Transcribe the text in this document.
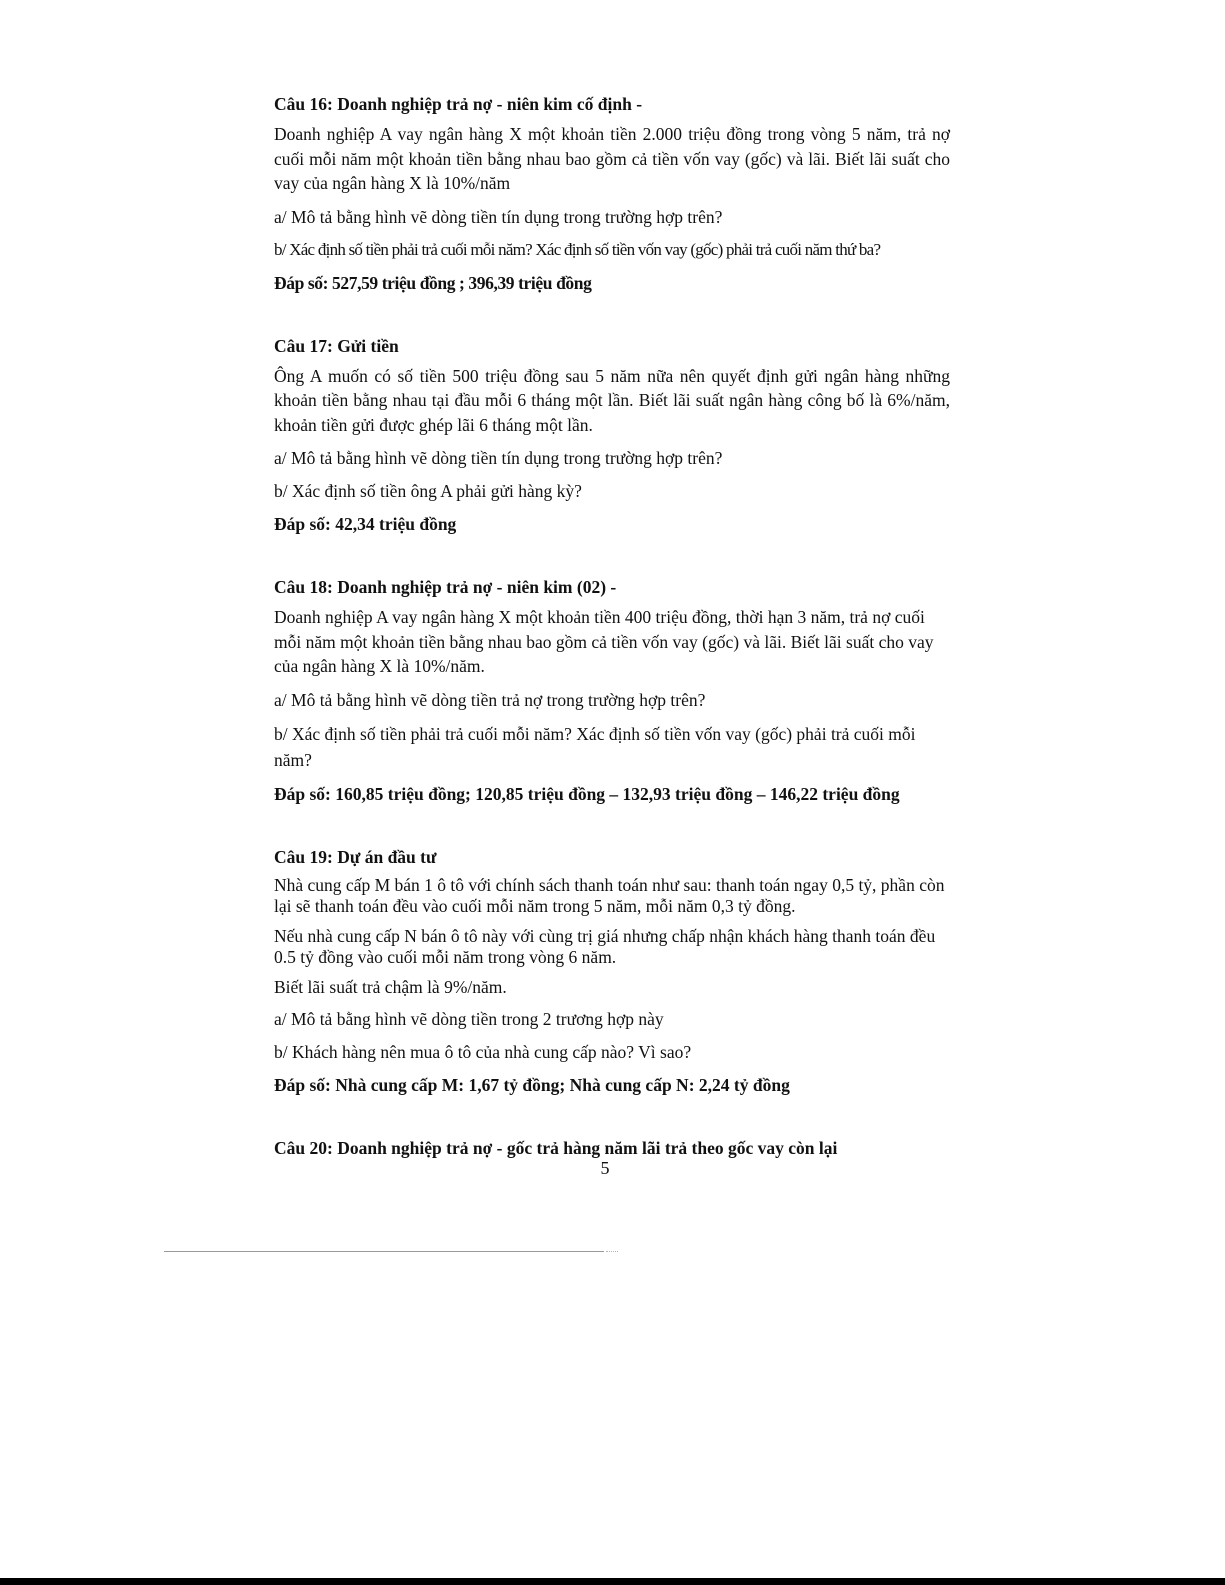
Câu 16: Doanh nghiệp trả nợ - niên kim cố định -

Doanh nghiệp A vay ngân hàng X một khoản tiền 2.000 triệu đồng trong vòng 5 năm, trả nợ cuối mỗi năm một khoản tiền bằng nhau bao gồm cả tiền vốn vay (gốc) và lãi. Biết lãi suất cho vay của ngân hàng X là 10%/năm

a/ Mô tả bằng hình vẽ dòng tiền tín dụng trong trường hợp trên?

b/ Xác định số tiền phải trả cuối mỗi năm? Xác định số tiền vốn vay (gốc) phải trả cuối năm thứ ba?

Đáp số: 527,59 triệu đồng ; 396,39 triệu đồng

Câu 17: Gửi tiền

Ông A muốn có số tiền 500 triệu đồng sau 5 năm nữa nên quyết định gửi ngân hàng những khoản tiền bằng nhau tại đầu mỗi 6 tháng một lần. Biết lãi suất ngân hàng công bố là 6%/năm, khoản tiền gửi được ghép lãi 6 tháng một lần.

a/ Mô tả bằng hình vẽ dòng tiền tín dụng trong trường hợp trên?

b/ Xác định số tiền ông A phải gửi hàng kỳ?

Đáp số: 42,34 triệu đồng

Câu 18: Doanh nghiệp trả nợ - niên kim (02) -

Doanh nghiệp A vay ngân hàng X một khoản tiền 400 triệu đồng, thời hạn 3 năm, trả nợ cuối mỗi năm một khoản tiền bằng nhau bao gồm cả tiền vốn vay (gốc) và lãi. Biết lãi suất cho vay của ngân hàng X là 10%/năm.

a/ Mô tả bằng hình vẽ dòng tiền trả nợ trong trường hợp trên?

b/ Xác định số tiền phải trả cuối mỗi năm? Xác định số tiền vốn vay (gốc) phải trả cuối mỗi năm?

Đáp số: 160,85 triệu đồng; 120,85 triệu đồng – 132,93 triệu đồng – 146,22 triệu đồng

Câu 19: Dự án đầu tư

Nhà cung cấp M bán 1 ô tô với chính sách thanh toán như sau: thanh toán ngay 0,5 tỷ, phần còn lại sẽ thanh toán đều vào cuối mỗi năm trong 5 năm, mỗi năm 0,3 tỷ đồng.

Nếu nhà cung cấp N bán ô tô này với cùng trị giá nhưng chấp nhận khách hàng thanh toán đều 0.5 tỷ đồng vào cuối mỗi năm trong vòng 6 năm.

Biết lãi suất trả chậm là 9%/năm.

a/ Mô tả bằng hình vẽ dòng tiền trong 2 trương hợp này

b/ Khách hàng nên mua ô tô của nhà cung cấp nào? Vì sao?

Đáp số: Nhà cung cấp M: 1,67 tỷ đồng; Nhà cung cấp N: 2,24 tỷ đồng

Câu 20: Doanh nghiệp trả nợ - gốc trả hàng năm lãi trả theo gốc vay còn lại

5
